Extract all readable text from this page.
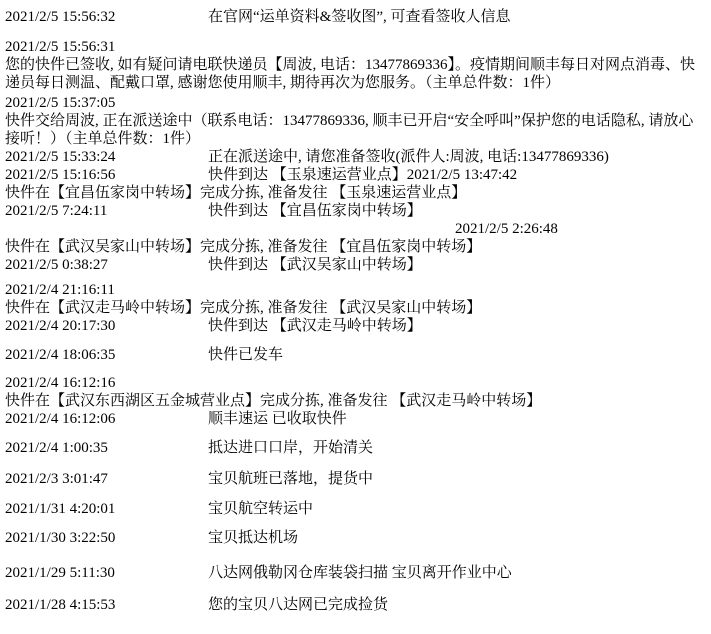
2021/2/5 15:56:32	在官网“运单资料&签收图”, 可查看签收人信息
2021/2/5 15:56:31
您的快件已签收, 如有疑问请电联快递员【周波, 电话：13477869336】。疫情期间顺丰每日对网点消毒、快递员每日测温、配戴口罩, 感谢您使用顺丰, 期待再次为您服务。（主单总件数：1件）
2021/2/5 15:37:05
快件交给周波, 正在派送途中（联系电话：13477869336, 顺丰已开启“安全呼叫”保护您的电话隐私, 请放心接听！）（主单总件数：1件）
2021/2/5 15:33:24	正在派送途中, 请您准备签收(派件人:周波, 电话:13477869336)
2021/2/5 15:16:56	快件到达 【玉泉速运营业点】2021/2/5 13:47:42
快件在【宜昌伍家岗中转场】完成分拣, 准备发往 【玉泉速运营业点】
2021/2/5 7:24:11	快件到达 【宜昌伍家岗中转场】
2021/2/5 2:26:48
快件在【武汉吴家山中转场】完成分拣, 准备发往 【宜昌伍家岗中转场】
2021/2/5 0:38:27	快件到达 【武汉吴家山中转场】
2021/2/4 21:16:11
快件在【武汉走马岭中转场】完成分拣, 准备发往 【武汉吴家山中转场】
2021/2/4 20:17:30	快件到达 【武汉走马岭中转场】
2021/2/4 18:06:35	快件已发车
2021/2/4 16:12:16
快件在【武汉东西湖区五金城营业点】完成分拣, 准备发往 【武汉走马岭中转场】
2021/2/4 16:12:06	顺丰速运 已收取快件
2021/2/4 1:00:35	抵达进口口岸，开始清关
2021/2/3 3:01:47	宝贝航班已落地，提货中
2021/1/31 4:20:01	宝贝航空转运中
2021/1/30 3:22:50	宝贝抵达机场
2021/1/29 5:11:30	八达网俄勒冈仓库装袋扫描 宝贝离开作业中心
2021/1/28 4:15:53	您的宝贝八达网已完成捡货
